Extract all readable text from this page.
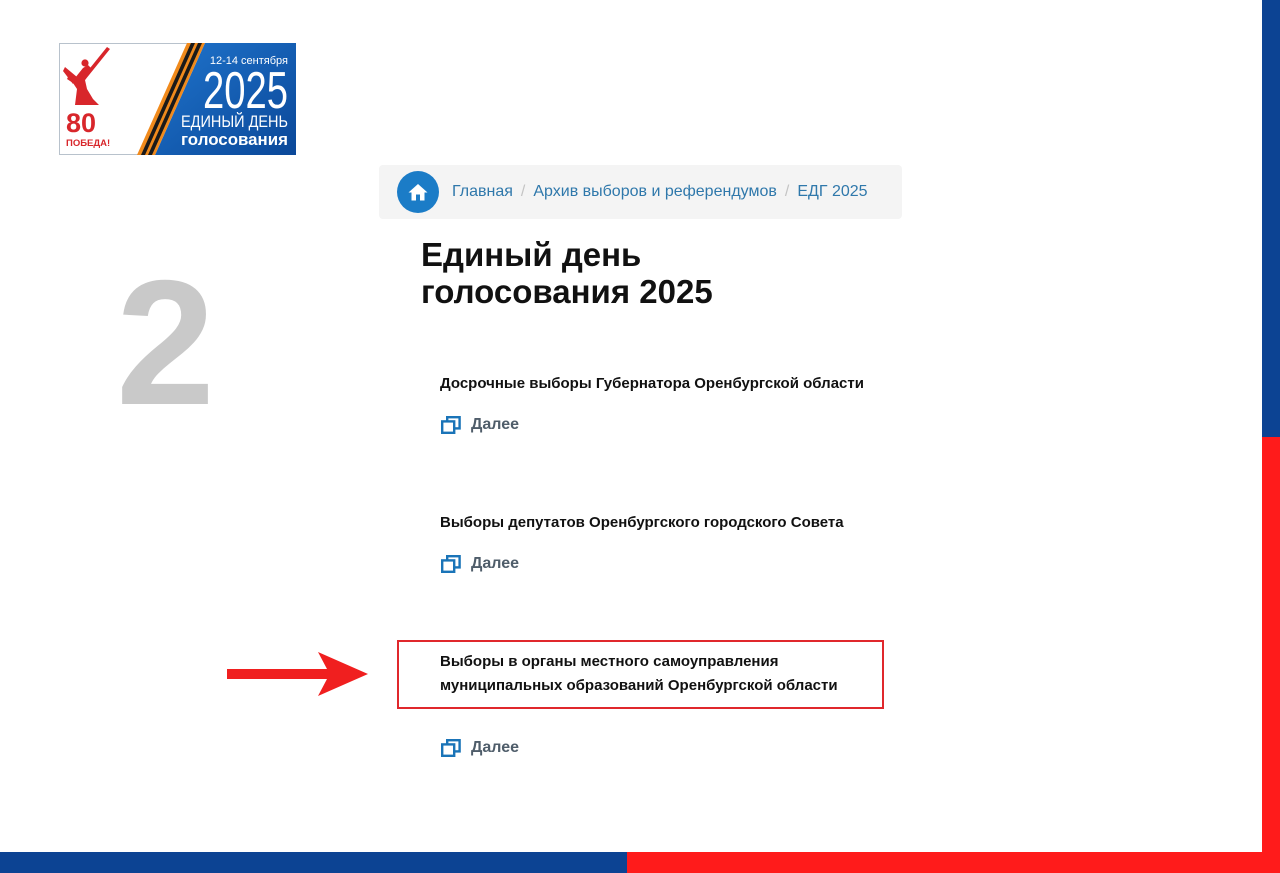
80
ПОБЕДА!
12-14 сентября
2025
ЕДИНЫЙ ДЕНЬ
голосования
2
Главная / Архив выборов и референдумов / ЕДГ 2025
Единый день
голосования 2025
Досрочные выборы Губернатора Оренбургской области
Далее
Выборы депутатов Оренбургского городского Совета
Далее
Выборы в органы местного самоуправления
муниципальных образований Оренбургской области
Далее
